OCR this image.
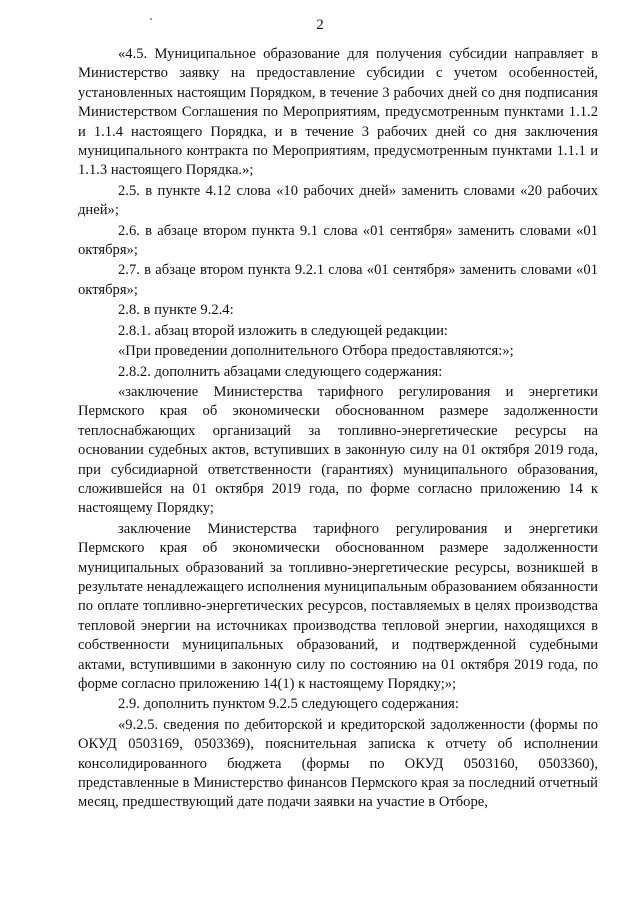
2

«4.5. Муниципальное образование для получения субсидии направляет в Министерство заявку на предоставление субсидии с учетом особенностей, установленных настоящим Порядком, в течение 3 рабочих дней со дня подписания Министерством Соглашения по Мероприятиям, предусмотренным пунктами 1.1.2 и 1.1.4 настоящего Порядка, и в течение 3 рабочих дней со дня заключения муниципального контракта по Мероприятиям, предусмотренным пунктами 1.1.1 и 1.1.3 настоящего Порядка.»;

2.5. в пункте 4.12 слова «10 рабочих дней» заменить словами «20 рабочих дней»;

2.6. в абзаце втором пункта 9.1 слова «01 сентября» заменить словами «01 октября»;

2.7. в абзаце втором пункта 9.2.1 слова «01 сентября» заменить словами «01 октября»;

2.8. в пункте 9.2.4:

2.8.1. абзац второй изложить в следующей редакции:

«При проведении дополнительного Отбора предоставляются:»;

2.8.2. дополнить абзацами следующего содержания:

«заключение Министерства тарифного регулирования и энергетики Пермского края об экономически обоснованном размере задолженности теплоснабжающих организаций за топливно-энергетические ресурсы на основании судебных актов, вступивших в законную силу на 01 октября 2019 года, при субсидиарной ответственности (гарантиях) муниципального образования, сложившейся на 01 октября 2019 года, по форме согласно приложению 14 к настоящему Порядку;

заключение Министерства тарифного регулирования и энергетики Пермского края об экономически обоснованном размере задолженности муниципальных образований за топливно-энергетические ресурсы, возникшей в результате ненадлежащего исполнения муниципальным образованием обязанности по оплате топливно-энергетических ресурсов, поставляемых в целях производства тепловой энергии на источниках производства тепловой энергии, находящихся в собственности муниципальных образований, и подтвержденной судебными актами, вступившими в законную силу по состоянию на 01 октября 2019 года, по форме согласно приложению 14(1) к настоящему Порядку;»;

2.9. дополнить пунктом 9.2.5 следующего содержания:

«9.2.5. сведения по дебиторской и кредиторской задолженности (формы по ОКУД 0503169, 0503369), пояснительная записка к отчету об исполнении консолидированного бюджета (формы по ОКУД 0503160, 0503360), представленные в Министерство финансов Пермского края за последний отчетный месяц, предшествующий дате подачи заявки на участие в Отборе,
